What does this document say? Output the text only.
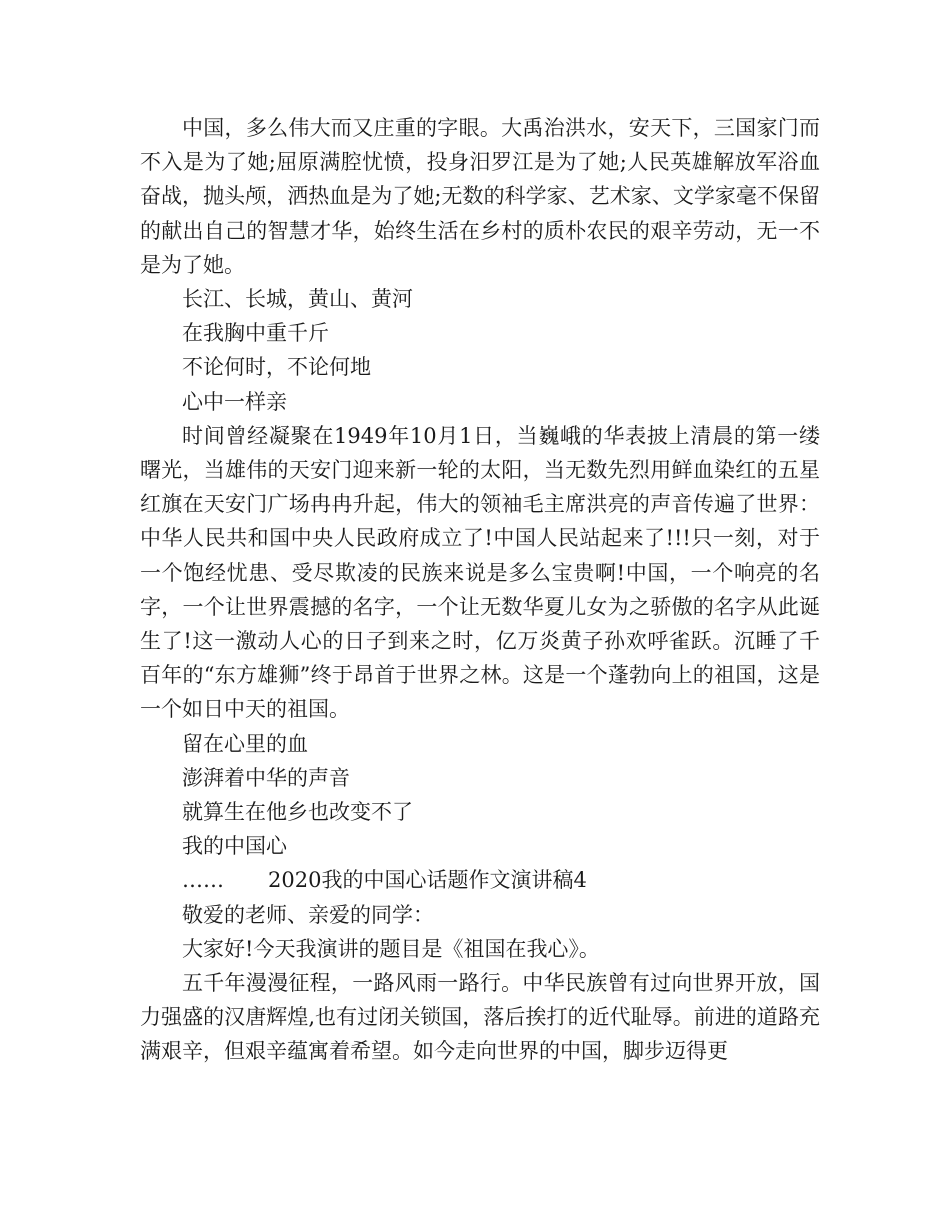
中国，多么伟大而又庄重的字眼。大禹治洪水，安天下，三国家门而不入是为了她;屈原满腔忧愤，投身汨罗江是为了她;人民英雄解放军浴血奋战，抛头颅，洒热血是为了她;无数的科学家、艺术家、文学家毫不保留的献出自己的智慧才华，始终生活在乡村的质朴农民的艰辛劳动，无一不是为了她。

长江、长城，黄山、黄河

在我胸中重千斤

不论何时，不论何地

心中一样亲

时间曾经凝聚在1949年10月1日，当巍峨的华表披上清晨的第一缕曙光，当雄伟的天安门迎来新一轮的太阳，当无数先烈用鲜血染红的五星红旗在天安门广场冉冉升起，伟大的领袖毛主席洪亮的声音传遍了世界：中华人民共和国中央人民政府成立了!中国人民站起来了!!!只一刻，对于一个饱经忧患、受尽欺凌的民族来说是多么宝贵啊!中国，一个响亮的名字，一个让世界震撼的名字，一个让无数华夏儿女为之骄傲的名字从此诞生了!这一激动人心的日子到来之时，亿万炎黄子孙欢呼雀跃。沉睡了千百年的“东方雄狮”终于昂首于世界之林。这是一个蓬勃向上的祖国，这是一个如日中天的祖国。

留在心里的血

澎湃着中华的声音

就算生在他乡也改变不了

我的中国心

…… 2020我的中国心话题作文演讲稿4

敬爱的老师、亲爱的同学：

大家好!今天我演讲的题目是《祖国在我心》。

五千年漫漫征程，一路风雨一路行。中华民族曾有过向世界开放，国力强盛的汉唐辉煌,也有过闭关锁国，落后挨打的近代耻辱。前进的道路充满艰辛，但艰辛蕴寓着希望。如今走向世界的中国，脚步迈得更
